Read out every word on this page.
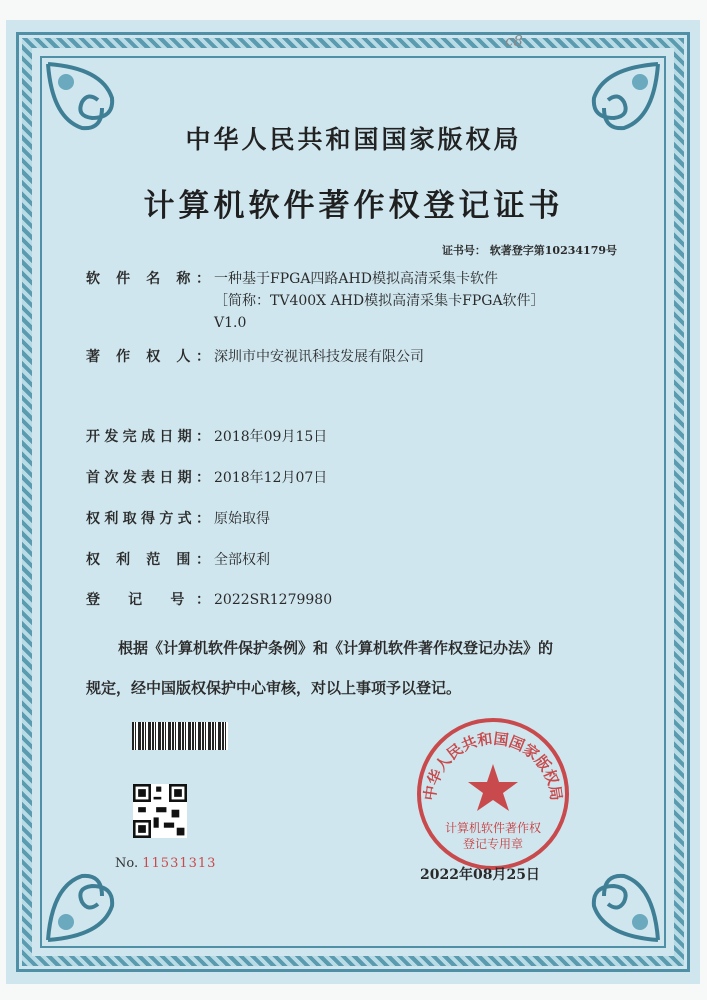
c8
中华人民共和国国家版权局
计算机软件著作权登记证书
证书号： 软著登字第10234179号
软 件 名 称： 一种基于FPGA四路AHD模拟高清采集卡软件
［简称：TV400X AHD模拟高清采集卡FPGA软件］
V1.0
著 作 权 人： 深圳市中安视讯科技发展有限公司
开发完成日期： 2018年09月15日
首次发表日期： 2018年12月07日
权利取得方式： 原始取得
权 利 范 围： 全部权利
登 记 号： 2022SR1279980
根据《计算机软件保护条例》和《计算机软件著作权登记办法》的
规定，经中国版权保护中心审核，对以上事项予以登记。
No. 11531313
中华人民共和国国家版权局
计算机软件著作权
登记专用章
2022年08月25日
